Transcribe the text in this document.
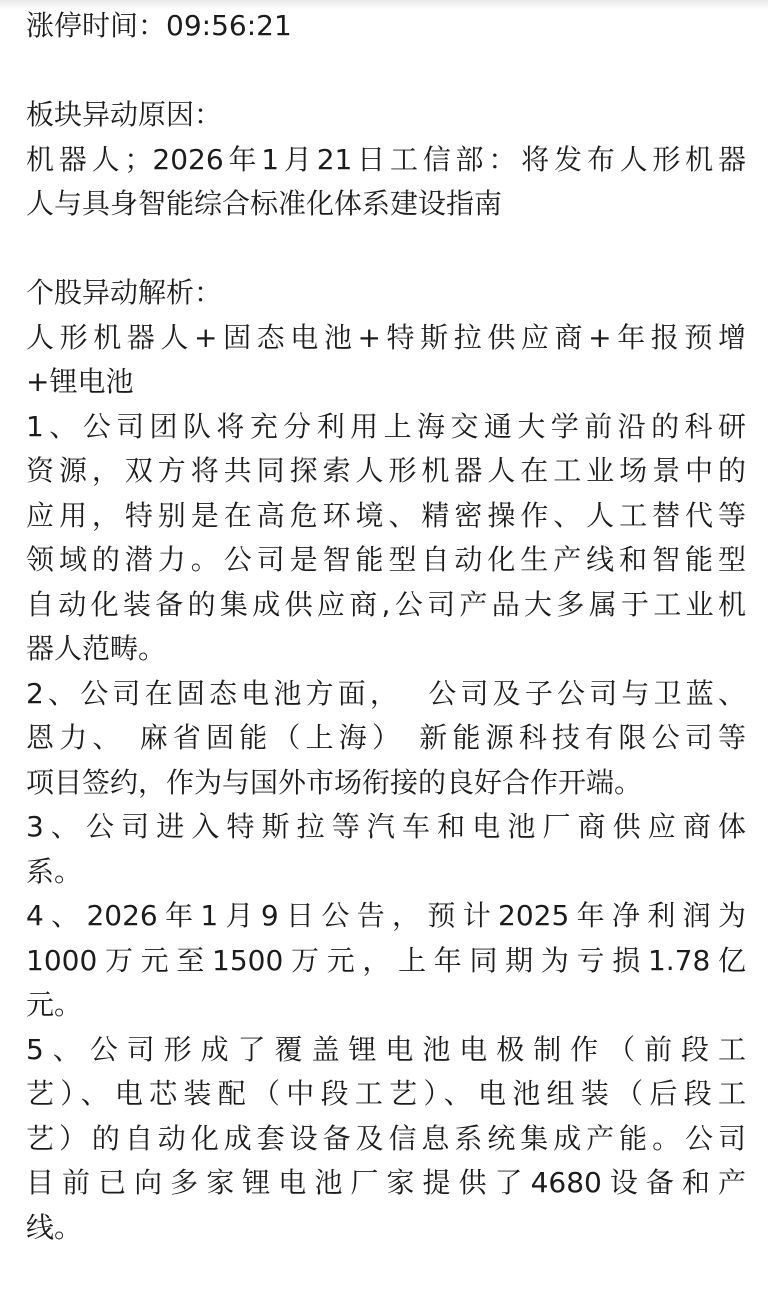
涨停时间：09:56:21
板块异动原因：
机器人；2026年1月21日工信部：将发布人形机器
人与具身智能综合标准化体系建设指南
个股异动解析：
人形机器人+固态电池+特斯拉供应商+年报预增
+锂电池
1、公司团队将充分利用上海交通大学前沿的科研
资源，双方将共同探索人形机器人在工业场景中的
应用，特别是在高危环境、精密操作、人工替代等
领域的潜力。公司是智能型自动化生产线和智能型
自动化装备的集成供应商,公司产品大多属于工业机
器人范畴。
2、公司在固态电池方面，  公司及子公司与卫蓝、
恩力、 麻省固能（上海） 新能源科技有限公司等
项目签约，作为与国外市场衔接的良好合作开端。
3、公司进入特斯拉等汽车和电池厂商供应商体
系。
4、2026年1月9日公告，预计2025年净利润为
1000万元至1500万元，上年同期为亏损1.78亿
元。
5、公司形成了覆盖锂电池电极制作（前段工
艺）、电芯装配（中段工艺）、电池组装（后段工
艺）的自动化成套设备及信息系统集成产能。公司
目前已向多家锂电池厂家提供了4680设备和产
线。
